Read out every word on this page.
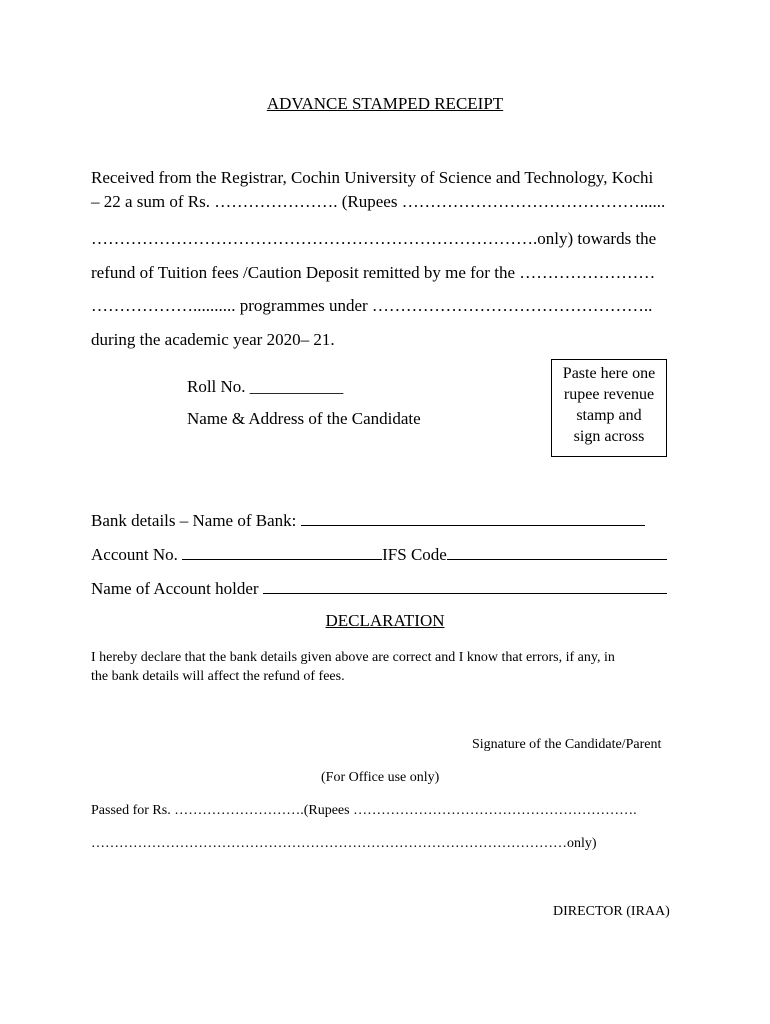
ADVANCE STAMPED RECEIPT
Received from the Registrar, Cochin University of Science and Technology, Kochi
– 22 a sum of Rs. …………………. (Rupees ……………………………………......
…………………………………………………………………….only) towards the
refund of Tuition fees /Caution Deposit remitted by me for the ……………………
……………….......... programmes under …………………………………………..
during the academic year 2020– 21.
Roll No. ___________
Name & Address of the Candidate
Paste here one
rupee revenue
stamp and
sign across
Bank details – Name of Bank:
Account No.	IFS Code
Name of Account holder
DECLARATION
I hereby declare that the bank details given above are correct and I know that errors, if any, in
the bank details will affect the refund of fees.
Signature of the Candidate/Parent
(For Office use only)
Passed for Rs. ……………………….(Rupees …………………………………………………….
…………………………………………………………………………………………only)
DIRECTOR (IRAA)
